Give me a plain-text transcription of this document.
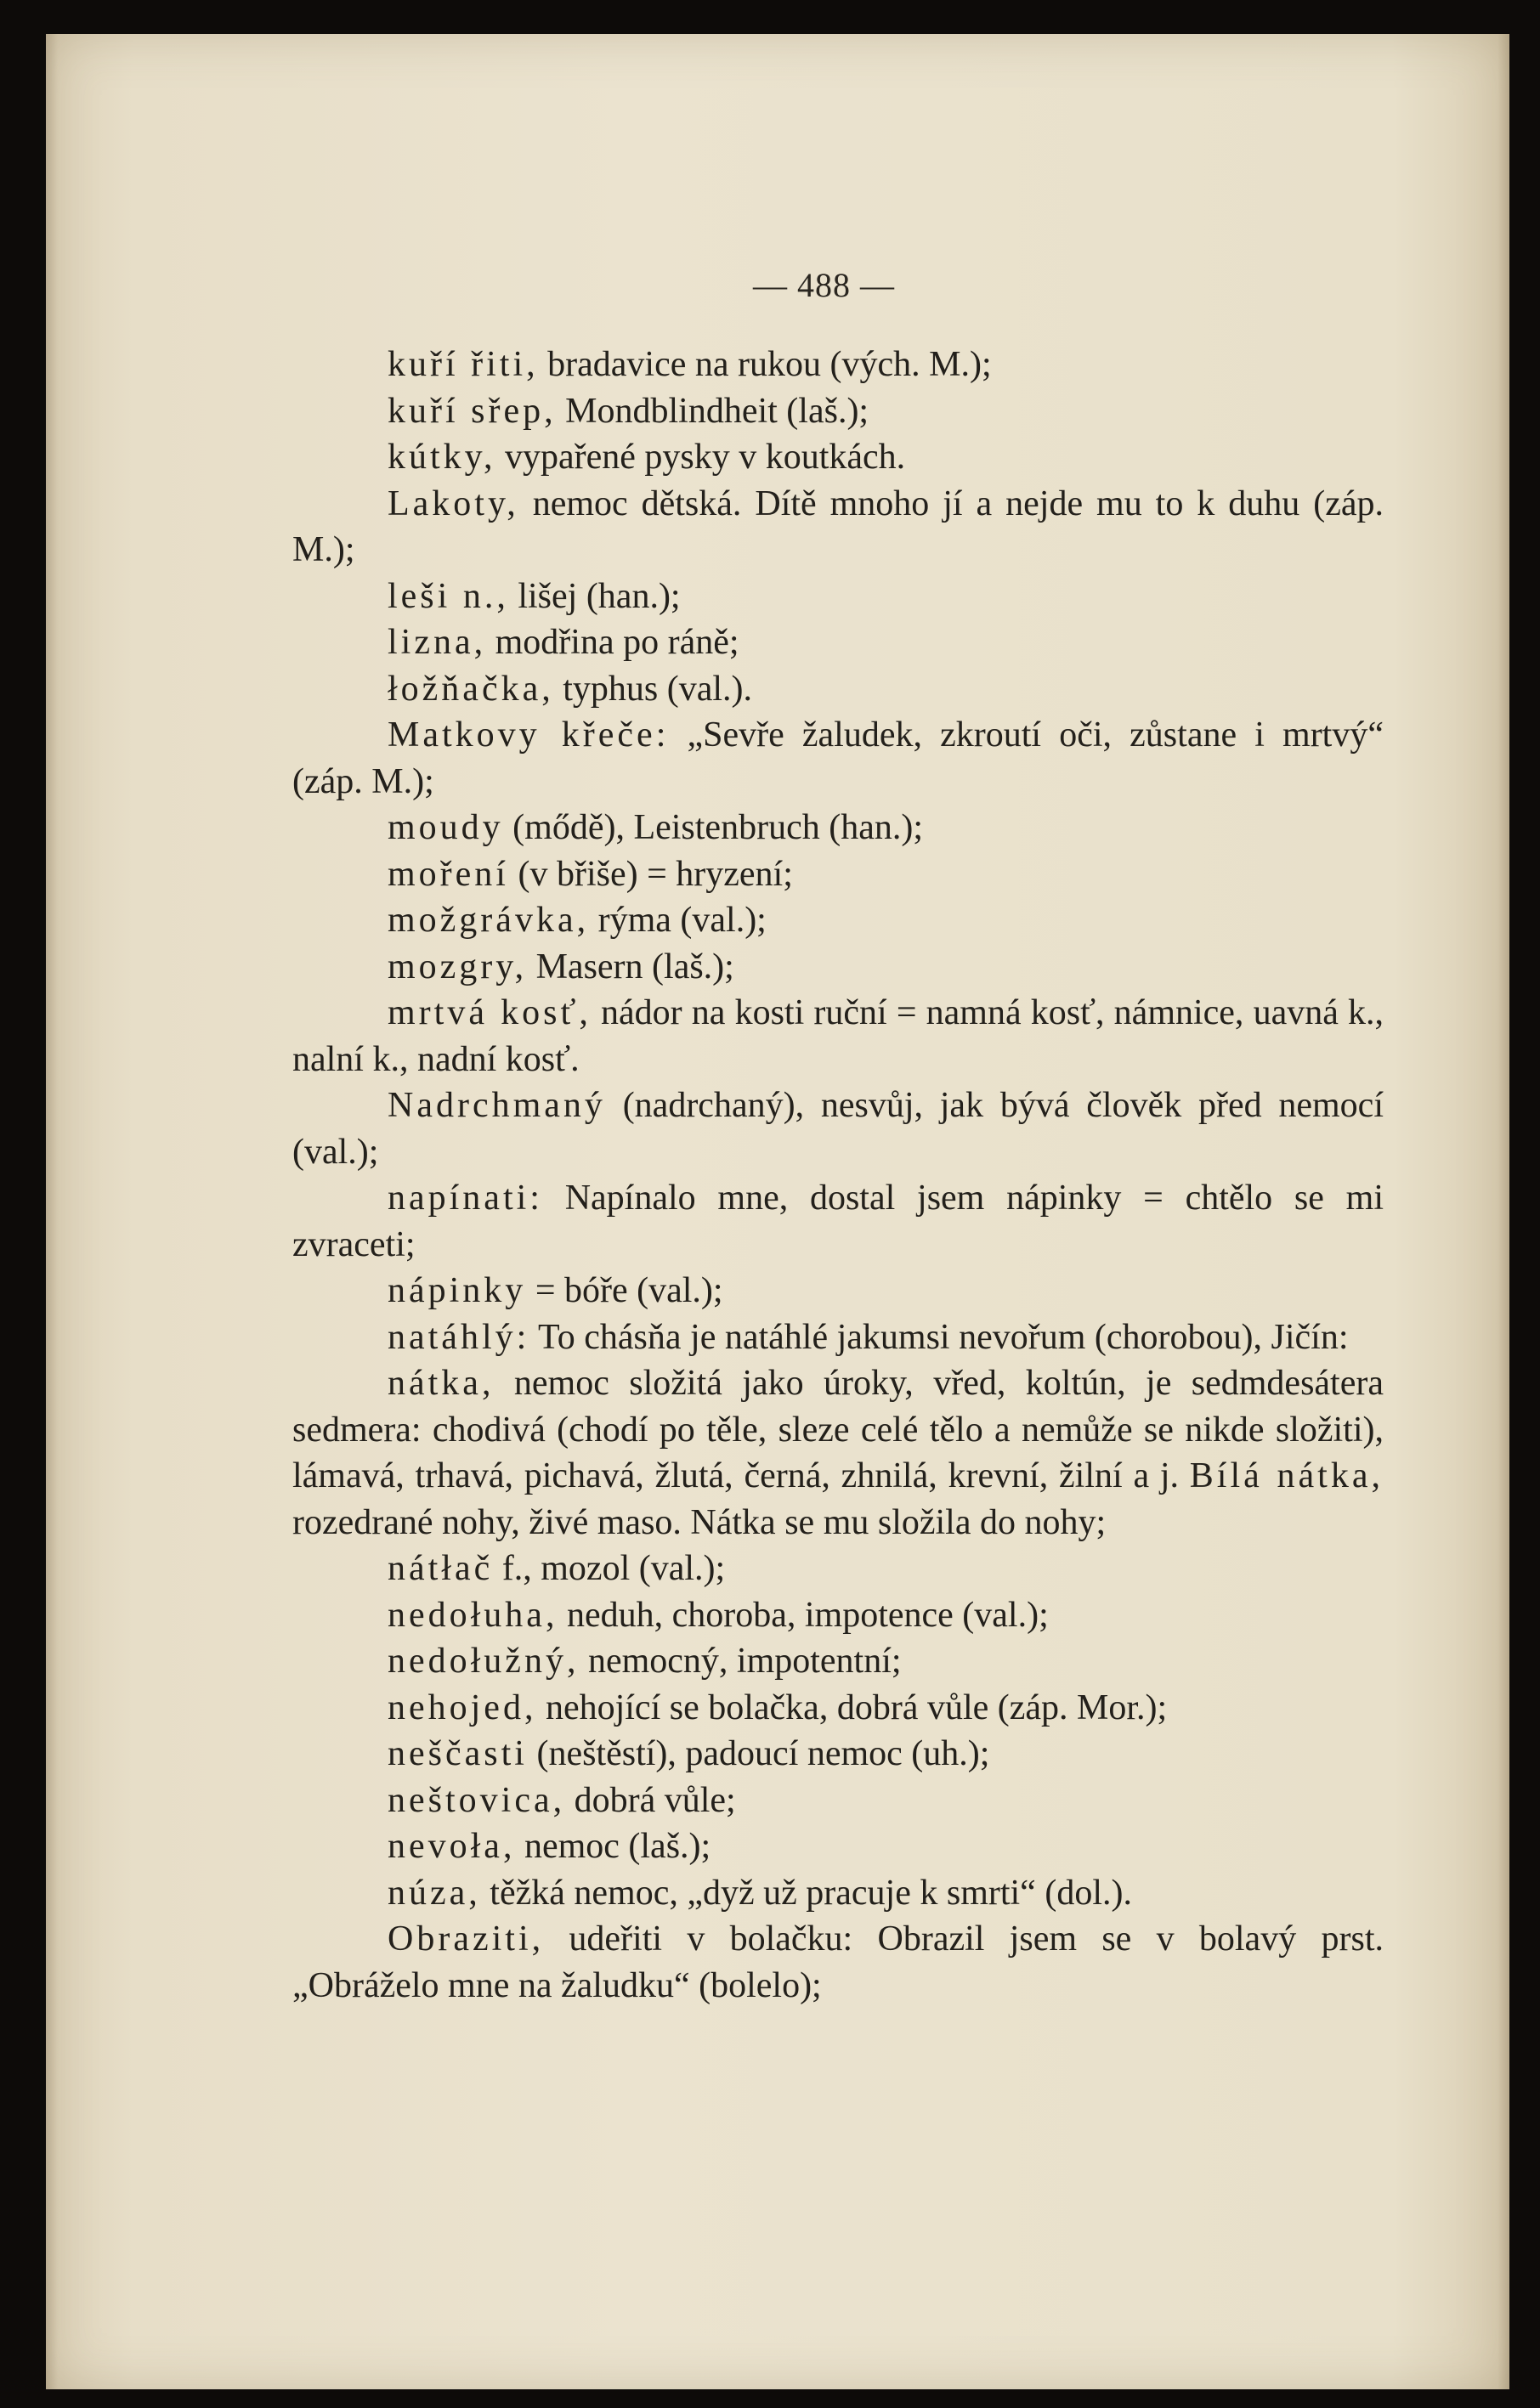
— 488 —

kuří řiti, bradavice na rukou (vých. M.);

kuří sřep, Mondblindheit (laš.);

kútky, vypařené pysky v koutkách.

Lakoty, nemoc dětská. Dítě mnoho jí a nejde mu to k duhu (záp. M.);

leši n., lišej (han.);

lizna, modřina po ráně;

łožňačka, typhus (val.).

Matkovy křeče: „Sevře žaludek, zkroutí oči, zůstane i mrtvý“ (záp. M.);

moudy (mődě), Leistenbruch (han.);

moření (v břiše) = hryzení;

možgrávka, rýma (val.);

mozgry, Masern (laš.);

mrtvá kosť, nádor na kosti ruční = namná kosť, námnice, uavná k., nalní k., nadní kosť.

Nadrchmaný (nadrchaný), nesvůj, jak bývá člověk před nemocí (val.);

napínati: Napínalo mne, dostal jsem nápinky = chtělo se mi zvraceti;

nápinky = bóře (val.);

natáhlý: To chásňa je natáhlé jakumsi nevořum (chorobou), Jičín:

nátka, nemoc složitá jako úroky, vřed, koltún, je sedmdesátera sedmera: chodivá (chodí po těle, sleze celé tělo a nemůže se nikde složiti), lámavá, trhavá, pichavá, žlutá, černá, zhnilá, krevní, žilní a j. Bílá nátka, rozedrané nohy, živé maso. Nátka se mu složila do nohy;

nátłač f., mozol (val.);

nedołuha, neduh, choroba, impotence (val.);

nedołužný, nemocný, impotentní;

nehojed, nehojící se bolačka, dobrá vůle (záp. Mor.);

neščasti (neštěstí), padoucí nemoc (uh.);

neštovica, dobrá vůle;

nevoła, nemoc (laš.);

núza, těžká nemoc, „dyž už pracuje k smrti“ (dol.).

Obraziti, udeřiti v bolačku: Obrazil jsem se v bolavý prst. „Obráželo mne na žaludku“ (bolelo);
